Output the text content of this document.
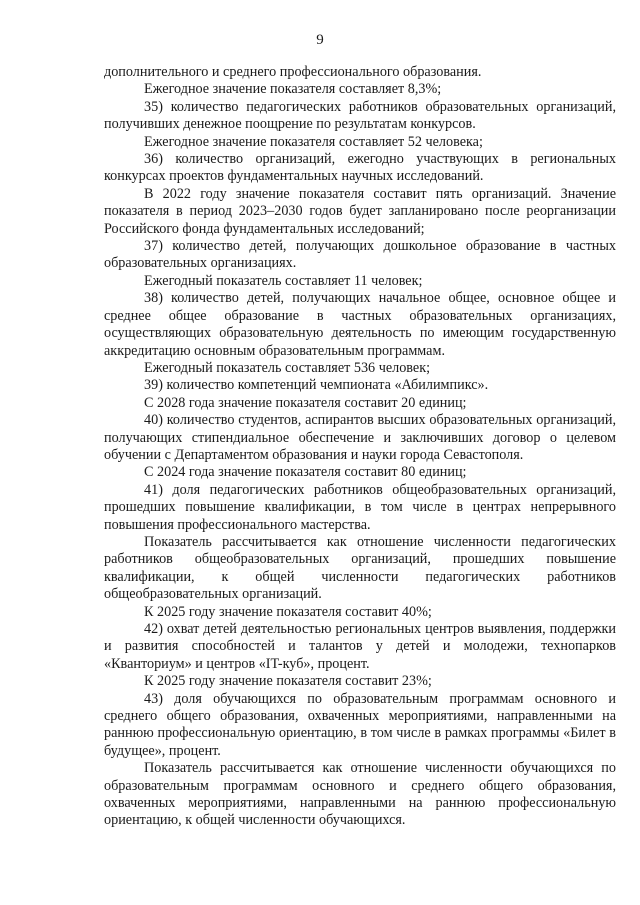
9

дополнительного и среднего профессионального образования.

Ежегодное значение показателя составляет 8,3%;

35) количество педагогических работников образовательных организаций, получивших денежное поощрение по результатам конкурсов.

Ежегодное значение показателя составляет 52 человека;

36) количество организаций, ежегодно участвующих в региональных конкурсах проектов фундаментальных научных исследований.

В 2022 году значение показателя составит пять организаций. Значение показателя в период 2023–2030 годов будет запланировано после реорганизации Российского фонда фундаментальных исследований;

37) количество детей, получающих дошкольное образование в частных образовательных организациях.

Ежегодный показатель составляет 11 человек;

38) количество детей, получающих начальное общее, основное общее и среднее общее образование в частных образовательных организациях, осуществляющих образовательную деятельность по имеющим государственную аккредитацию основным образовательным программам.

Ежегодный показатель составляет 536 человек;

39) количество компетенций чемпионата «Абилимпикс».

С 2028 года значение показателя составит 20 единиц;

40) количество студентов, аспирантов высших образовательных организаций, получающих стипендиальное обеспечение и заключивших договор о целевом обучении с Департаментом образования и науки города Севастополя.

С 2024 года значение показателя составит 80 единиц;

41) доля педагогических работников общеобразовательных организаций, прошедших повышение квалификации, в том числе в центрах непрерывного повышения профессионального мастерства.

Показатель рассчитывается как отношение численности педагогических работников общеобразовательных организаций, прошедших повышение квалификации, к общей численности педагогических работников общеобразовательных организаций.

К 2025 году значение показателя составит 40%;

42) охват детей деятельностью региональных центров выявления, поддержки и развития способностей и талантов у детей и молодежи, технопарков «Кванториум» и центров «IT-куб», процент.

К 2025 году значение показателя составит 23%;

43) доля обучающихся по образовательным программам основного и среднего общего образования, охваченных мероприятиями, направленными на раннюю профессиональную ориентацию, в том числе в рамках программы «Билет в будущее», процент.

Показатель рассчитывается как отношение численности обучающихся по образовательным программам основного и среднего общего образования, охваченных мероприятиями, направленными на раннюю профессиональную ориентацию, к общей численности обучающихся.
